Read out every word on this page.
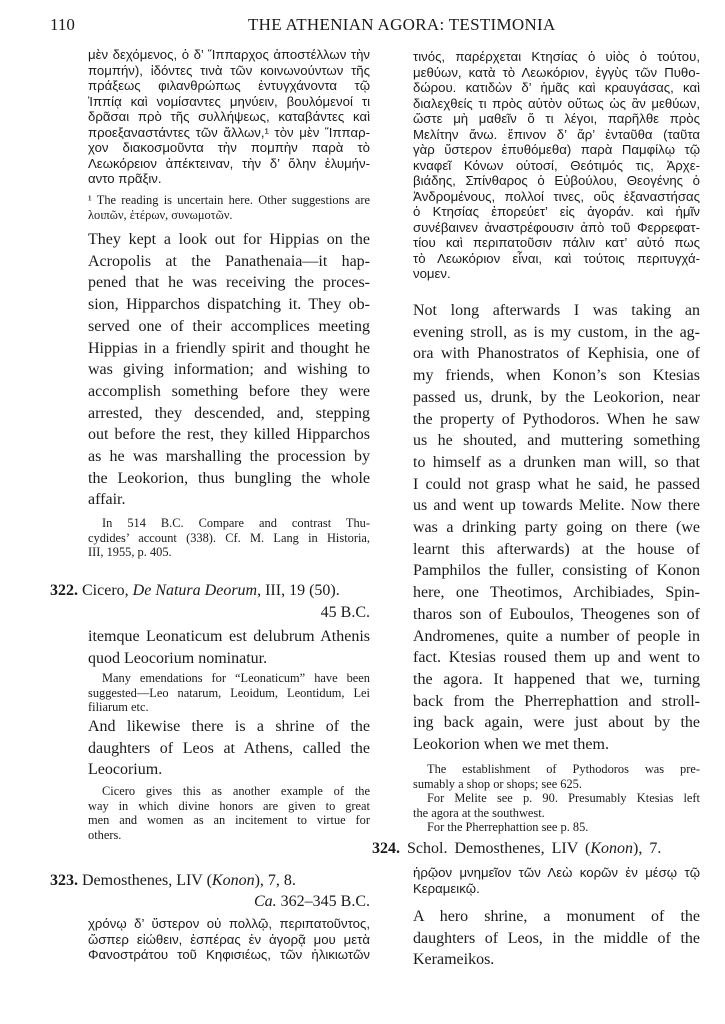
110	THE ATHENIAN AGORA: TESTIMONIA
μὲν δεχόμενος, ὁ δ’ Ἵππαρχος ἀποστέλλων τὴν
πομπήν), ἰδόντες τινὰ τῶν κοινωνούντων τῆς
πράξεως φιλανθρώπως ἐντυγχάνοντα τῷ
Ἱππίᾳ καὶ νομίσαντες μηνύειν, βουλόμενοί τι
δρᾶσαι πρὸ τῆς συλλήψεως, καταβάντες καὶ
προεξαναστάντες τῶν ἄλλων,¹ τὸν μὲν Ἵππαρ-
χον διακοσμοῦντα τὴν πομπὴν παρὰ τὸ
Λεωκόρειον ἀπέκτειναν, τὴν δ’ ὅλην ἐλυμήν-
αντο πρᾶξιν.
¹ The reading is uncertain here. Other suggestions are
λοιπῶν, ἑτέρων, συνωμοτῶν.
They kept a look out for Hippias on the
Acropolis at the Panathenaia—it hap-
pened that he was receiving the proces-
sion, Hipparchos dispatching it. They ob-
served one of their accomplices meeting
Hippias in a friendly spirit and thought he
was giving information; and wishing to
accomplish something before they were
arrested, they descended, and, stepping
out before the rest, they killed Hipparchos
as he was marshalling the procession by
the Leokorion, thus bungling the whole
affair.
In 514 B.C. Compare and contrast Thu-
cydides’ account (338). Cf. M. Lang in Historia,
III, 1955, p. 405.
322. Cicero, De Natura Deorum, III, 19 (50).
45 B.C.
itemque Leonaticum est delubrum Athenis
quod Leocorium nominatur.
Many emendations for “Leonaticum” have been
suggested—Leo natarum, Leoidum, Leontidum, Lei
filiarum etc.
And likewise there is a shrine of the
daughters of Leos at Athens, called the
Leocorium.
Cicero gives this as another example of the
way in which divine honors are given to great
men and women as an incitement to virtue for
others.
323. Demosthenes, LIV (Konon), 7, 8.
Ca. 362–345 B.C.
χρόνῳ δ’ ὕστερον οὐ πολλῷ, περιπατοῦντος,
ὥσπερ εἰώθειν, ἑσπέρας ἐν ἀγορᾷ μου μετὰ
Φανοστράτου τοῦ Κηφισιέως, τῶν ἡλικιωτῶν
τινός, παρέρχεται Κτησίας ὁ υἱὸς ὁ τούτου,
μεθύων, κατὰ τὸ Λεωκόριον, ἐγγὺς τῶν Πυθο-
δώρου. κατιδὼν δ’ ἡμᾶς καὶ κραυγάσας, καὶ
διαλεχθείς τι πρὸς αὑτὸν οὕτως ὡς ἂν μεθύων,
ὥστε μὴ μαθεῖν ὅ τι λέγοι, παρῆλθε πρὸς
Μελίτην ἄνω. ἔπινον δ’ ἄρ’ ἐνταῦθα (ταῦτα
γὰρ ὕστερον ἐπυθόμεθα) παρὰ Παμφίλῳ τῷ
κναφεῖ Κόνων οὑτοσί, Θεότιμός τις, Ἀρχε-
βιάδης, Σπίνθαρος ὁ Εὐβούλου, Θεογένης ὁ
Ἀνδρομένους, πολλοί τινες, οὓς ἐξαναστήσας
ὁ Κτησίας ἐπορεύετ’ εἰς ἀγοράν. καὶ ἡμῖν
συνέβαινεν ἀναστρέφουσιν ἀπὸ τοῦ Φερρεφατ-
τίου καὶ περιπατοῦσιν πάλιν κατ’ αὐτό πως
τὸ Λεωκόριον εἶναι, καὶ τούτοις περιτυγχά-
νομεν.
Not long afterwards I was taking an
evening stroll, as is my custom, in the ag-
ora with Phanostratos of Kephisia, one of
my friends, when Konon’s son Ktesias
passed us, drunk, by the Leokorion, near
the property of Pythodoros. When he saw
us he shouted, and muttering something
to himself as a drunken man will, so that
I could not grasp what he said, he passed
us and went up towards Melite. Now there
was a drinking party going on there (we
learnt this afterwards) at the house of
Pamphilos the fuller, consisting of Konon
here, one Theotimos, Archibiades, Spin-
tharos son of Euboulos, Theogenes son of
Andromenes, quite a number of people in
fact. Ktesias roused them up and went to
the agora. It happened that we, turning
back from the Pherrephattion and stroll-
ing back again, were just about by the
Leokorion when we met them.
The establishment of Pythodoros was pre-
sumably a shop or shops; see 625.
For Melite see p. 90. Presumably Ktesias left
the agora at the southwest.
For the Pherrephattion see p. 85.
324. Schol. Demosthenes, LIV (Konon), 7.
ἡρῷον μνημεῖον τῶν Λεὼ κορῶν ἐν μέσῳ τῷ
Κεραμεικῷ.
A hero shrine, a monument of the
daughters of Leos, in the middle of the
Kerameikos.
